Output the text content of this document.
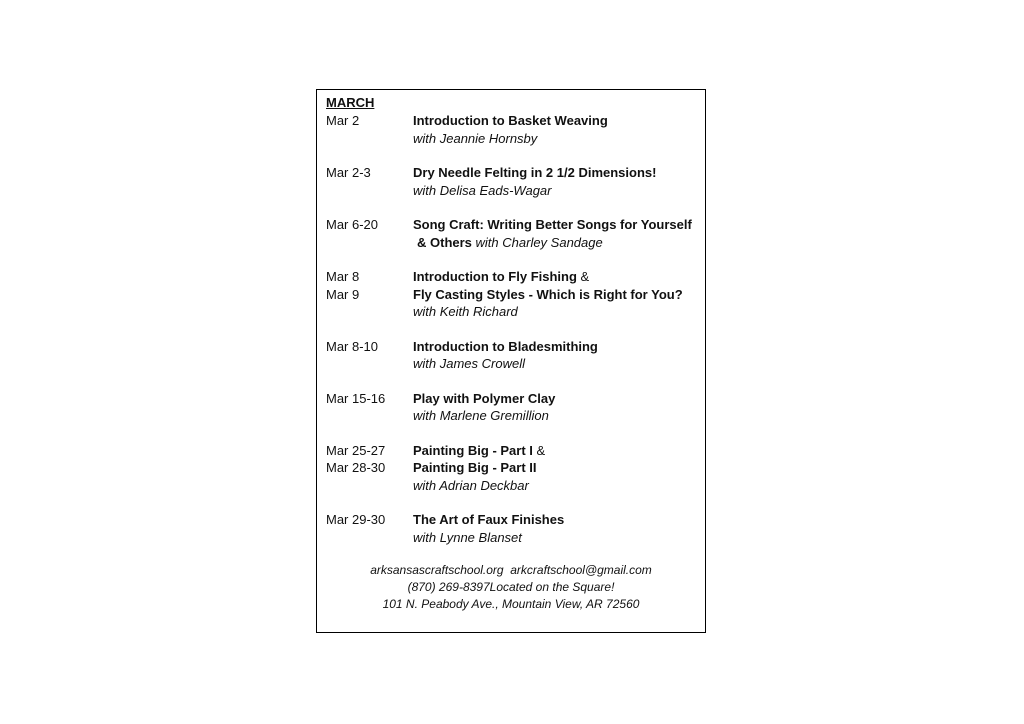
MARCH
Mar 2	Introduction to Basket Weaving
with Jeannie Hornsby
Mar 2-3	Dry Needle Felting in 2 1/2 Dimensions!
with Delisa Eads-Wagar
Mar 6-20	Song Craft: Writing Better Songs for Yourself
& Others with Charley Sandage
Mar 8	Introduction to Fly Fishing &
Mar 9	Fly Casting Styles - Which is Right for You?
with Keith Richard
Mar 8-10	Introduction to Bladesmithing
with James Crowell
Mar 15-16	Play with Polymer Clay
with Marlene Gremillion
Mar 25-27	Painting Big - Part I &
Mar 28-30	Painting Big - Part II
with Adrian Deckbar
Mar 29-30	The Art of Faux Finishes
with Lynne Blanset
arksansascraftschool.org  arkcraftschool@gmail.com
(870) 269-8397Located on the Square!
101 N. Peabody Ave., Mountain View, AR 72560
